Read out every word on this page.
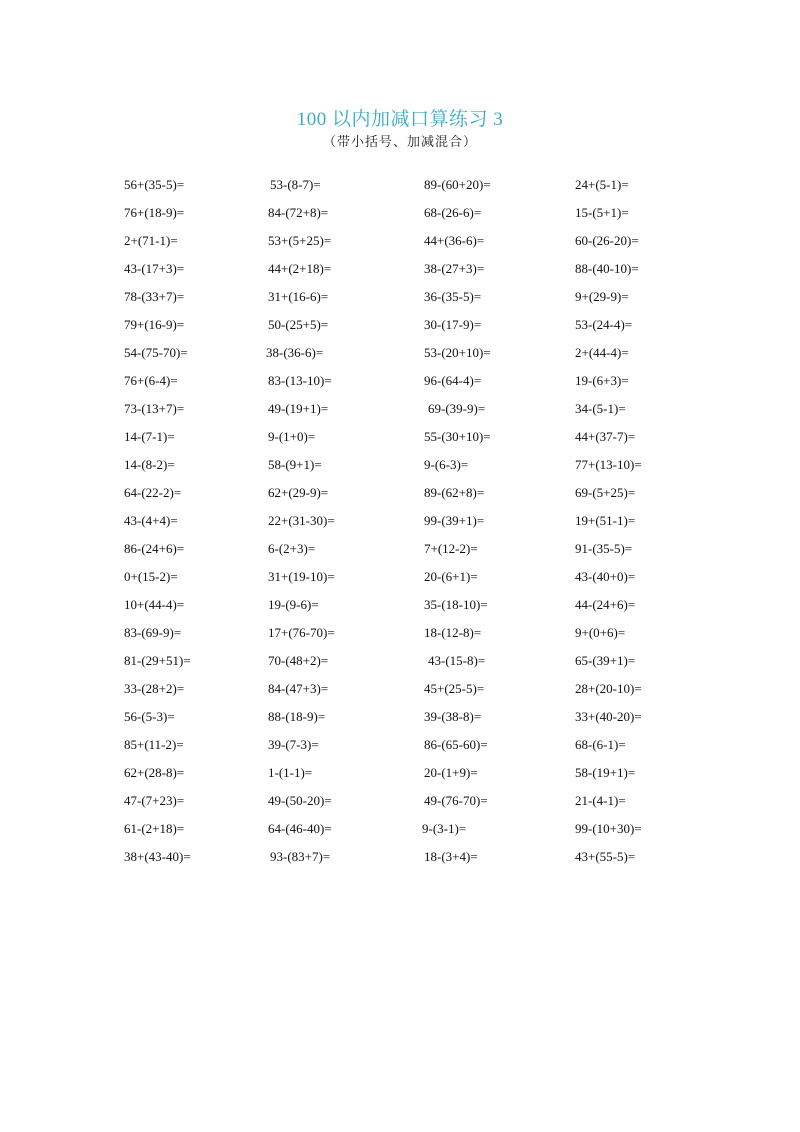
100 以内加减口算练习 3
（带小括号、加减混合）
56+(35-5)=	53-(8-7)=	89-(60+20)=	24+(5-1)=
76+(18-9)=	84-(72+8)=	68-(26-6)=	15-(5+1)=
2+(71-1)=	53+(5+25)=	44+(36-6)=	60-(26-20)=
43-(17+3)=	44+(2+18)=	38-(27+3)=	88-(40-10)=
78-(33+7)=	31+(16-6)=	36-(35-5)=	9+(29-9)=
79+(16-9)=	50-(25+5)=	30-(17-9)=	53-(24-4)=
54-(75-70)=	38-(36-6)=	53-(20+10)=	2+(44-4)=
76+(6-4)=	83-(13-10)=	96-(64-4)=	19-(6+3)=
73-(13+7)=	49-(19+1)=	69-(39-9)=	34-(5-1)=
14-(7-1)=	9-(1+0)=	55-(30+10)=	44+(37-7)=
14-(8-2)=	58-(9+1)=	9-(6-3)=	77+(13-10)=
64-(22-2)=	62+(29-9)=	89-(62+8)=	69-(5+25)=
43-(4+4)=	22+(31-30)=	99-(39+1)=	19+(51-1)=
86-(24+6)=	6-(2+3)=	7+(12-2)=	91-(35-5)=
0+(15-2)=	31+(19-10)=	20-(6+1)=	43-(40+0)=
10+(44-4)=	19-(9-6)=	35-(18-10)=	44-(24+6)=
83-(69-9)=	17+(76-70)=	18-(12-8)=	9+(0+6)=
81-(29+51)=	70-(48+2)=	43-(15-8)=	65-(39+1)=
33-(28+2)=	84-(47+3)=	45+(25-5)=	28+(20-10)=
56-(5-3)=	88-(18-9)=	39-(38-8)=	33+(40-20)=
85+(11-2)=	39-(7-3)=	86-(65-60)=	68-(6-1)=
62+(28-8)=	1-(1-1)=	20-(1+9)=	58-(19+1)=
47-(7+23)=	49-(50-20)=	49-(76-70)=	21-(4-1)=
61-(2+18)=	64-(46-40)=	9-(3-1)=	99-(10+30)=
38+(43-40)=	93-(83+7)=	18-(3+4)=	43+(55-5)=
